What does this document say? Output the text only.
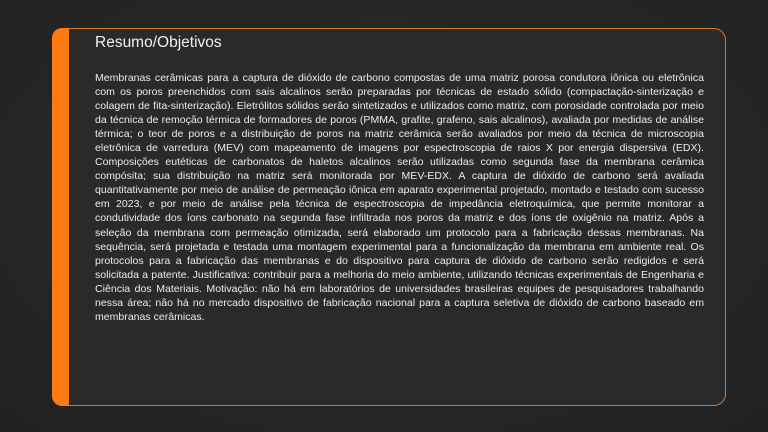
Resumo/Objetivos

Membranas cerâmicas para a captura de dióxido de carbono compostas de uma matriz porosa condutora iônica ou eletrônica com os poros preenchidos com sais alcalinos serão preparadas por técnicas de estado sólido (compactação-sinterização e colagem de fita-sinterização). Eletrólitos sólidos serão sintetizados e utilizados como matriz, com porosidade controlada por meio da técnica de remoção térmica de formadores de poros (PMMA, grafite, grafeno, sais alcalinos), avaliada por medidas de análise térmica; o teor de poros e a distribuição de poros na matriz cerâmica serão avaliados por meio da técnica de microscopia eletrônica de varredura (MEV) com mapeamento de imagens por espectroscopia de raios X por energia dispersiva (EDX). Composições eutéticas de carbonatos de haletos alcalinos serão utilizadas como segunda fase da membrana cerâmica compósita; sua distribuição na matriz será monitorada por MEV-EDX. A captura de dióxido de carbono será avaliada quantitativamente por meio de análise de permeação iônica em aparato experimental projetado, montado e testado com sucesso em 2023, e por meio de análise pela técnica de espectroscopia de impedância eletroquímica, que permite monitorar a condutividade dos íons carbonato na segunda fase infiltrada nos poros da matriz e dos íons de oxigênio na matriz. Após a seleção da membrana com permeação otimizada, será elaborado um protocolo para a fabricação dessas membranas. Na sequência, será projetada e testada uma montagem experimental para a funcionalização da membrana em ambiente real. Os protocolos para a fabricação das membranas e do dispositivo para captura de dióxido de carbono serão redigidos e será solicitada a patente. Justificativa: contribuir para a melhoria do meio ambiente, utilizando técnicas experimentais de Engenharia e Ciência dos Materiais. Motivação: não há em laboratórios de universidades brasileiras equipes de pesquisadores trabalhando nessa área; não há no mercado dispositivo de fabricação nacional para a captura seletiva de dióxido de carbono baseado em membranas cerâmicas.
